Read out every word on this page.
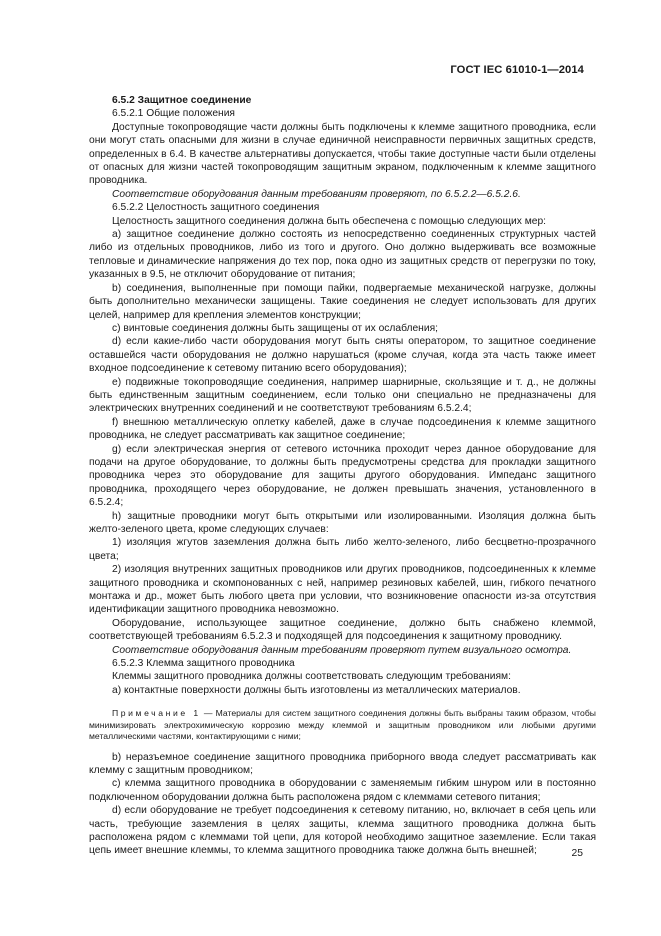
ГОСТ IEC 61010-1—2014

6.5.2 Защитное соединение

6.5.2.1 Общие положения

Доступные токопроводящие части должны быть подключены к клемме защитного проводника, если они могут стать опасными для жизни в случае единичной неисправности первичных защитных средств, определенных в 6.4. В качестве альтернативы допускается, чтобы такие доступные части были отделены от опасных для жизни частей токопроводящим защитным экраном, подключенным к клемме защитного проводника.

Соответствие оборудования данным требованиям проверяют, по 6.5.2.2—6.5.2.6.

6.5.2.2 Целостность защитного соединения

Целостность защитного соединения должна быть обеспечена с помощью следующих мер:

а) защитное соединение должно состоять из непосредственно соединенных структурных частей либо из отдельных проводников, либо из того и другого. Оно должно выдерживать все возможные тепловые и динамические напряжения до тех пор, пока одно из защитных средств от перегрузки по току, указанных в 9.5, не отключит оборудование от питания;

b) соединения, выполненные при помощи пайки, подвергаемые механической нагрузке, должны быть дополнительно механически защищены. Такие соединения не следует использовать для других целей, например для крепления элементов конструкции;

c) винтовые соединения должны быть защищены от их ослабления;

d) если какие-либо части оборудования могут быть сняты оператором, то защитное соединение оставшейся части оборудования не должно нарушаться (кроме случая, когда эта часть также имеет входное подсоединение к сетевому питанию всего оборудования);

e) подвижные токопроводящие соединения, например шарнирные, скользящие и т. д., не должны быть единственным защитным соединением, если только они специально не предназначены для электрических внутренних соединений и не соответствуют требованиям 6.5.2.4;

f) внешнюю металлическую оплетку кабелей, даже в случае подсоединения к клемме защитного проводника, не следует рассматривать как защитное соединение;

g) если электрическая энергия от сетевого источника проходит через данное оборудование для подачи на другое оборудование, то должны быть предусмотрены средства для прокладки защитного проводника через это оборудование для защиты другого оборудования. Импеданс защитного проводника, проходящего через оборудование, не должен превышать значения, установленного в 6.5.2.4;

h) защитные проводники могут быть открытыми или изолированными. Изоляция должна быть желто-зеленого цвета, кроме следующих случаев:

1) изоляция жгутов заземления должна быть либо желто-зеленого, либо бесцветно-прозрачного цвета;

2) изоляция внутренних защитных проводников или других проводников, подсоединенных к клемме защитного проводника и скомпонованных с ней, например резиновых кабелей, шин, гибкого печатного монтажа и др., может быть любого цвета при условии, что возникновение опасности из-за отсутствия идентификации защитного проводника невозможно.

Оборудование, использующее защитное соединение, должно быть снабжено клеммой, соответствующей требованиям 6.5.2.3 и подходящей для подсоединения к защитному проводнику.

Соответствие оборудования данным требованиям проверяют путем визуального осмотра.

6.5.2.3 Клемма защитного проводника

Клеммы защитного проводника должны соответствовать следующим требованиям:

а) контактные поверхности должны быть изготовлены из металлических материалов.

Примечание 1 — Материалы для систем защитного соединения должны быть выбраны таким образом, чтобы минимизировать электрохимическую коррозию между клеммой и защитным проводником или любыми другими металлическими частями, контактирующими с ними;

b) неразъемное соединение защитного проводника приборного ввода следует рассматривать как клемму с защитным проводником;

c) клемма защитного проводника в оборудовании с заменяемым гибким шнуром или в постоянно подключенном оборудовании должна быть расположена рядом с клеммами сетевого питания;

d) если оборудование не требует подсоединения к сетевому питанию, но, включает в себя цепь или часть, требующие заземления в целях защиты, клемма защитного проводника должна быть расположена рядом с клеммами той цепи, для которой необходимо защитное заземление. Если такая цепь имеет внешние клеммы, то клемма защитного проводника также должна быть внешней;	25
